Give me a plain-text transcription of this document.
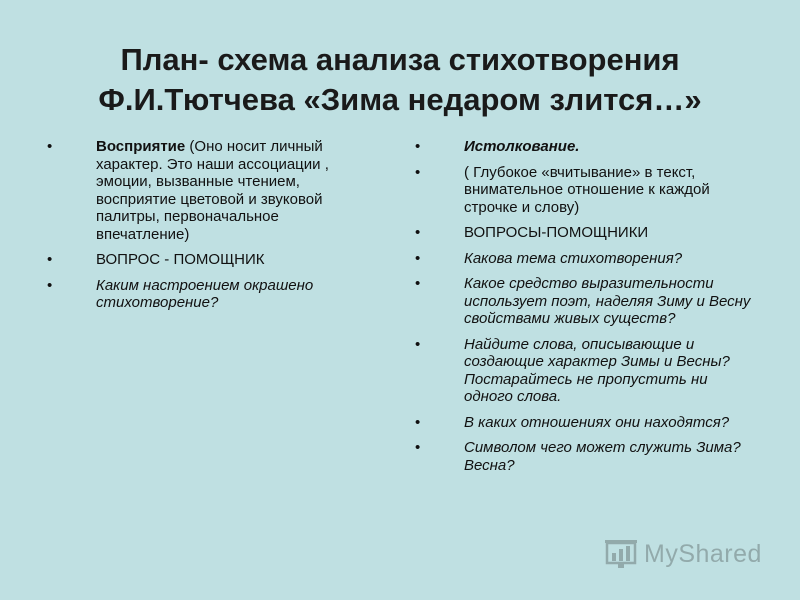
План- схема анализа стихотворения
Ф.И.Тютчева «Зима недаром злится…»
•	Восприятие (Оно носит личный характер. Это наши ассоциации , эмоции, вызванные чтением, восприятие цветовой и звуковой палитры, первоначальное впечатление)
•	ВОПРОС - ПОМОЩНИК
•	Каким настроением окрашено стихотворение?
•	Истолкование.
•	( Глубокое «вчитывание» в текст, внимательное отношение к каждой строчке и слову)
•	ВОПРОСЫ-ПОМОЩНИКИ
•	Какова тема стихотворения?
•	Какое средство выразительности использует поэт, наделяя Зиму и Весну свойствами живых существ?
•	Найдите слова, описывающие и создающие характер Зимы и Весны? Постарайтесь не пропустить ни одного слова.
•	В каких отношениях они находятся?
•	Символом чего может служить Зима? Весна?
MyShared
